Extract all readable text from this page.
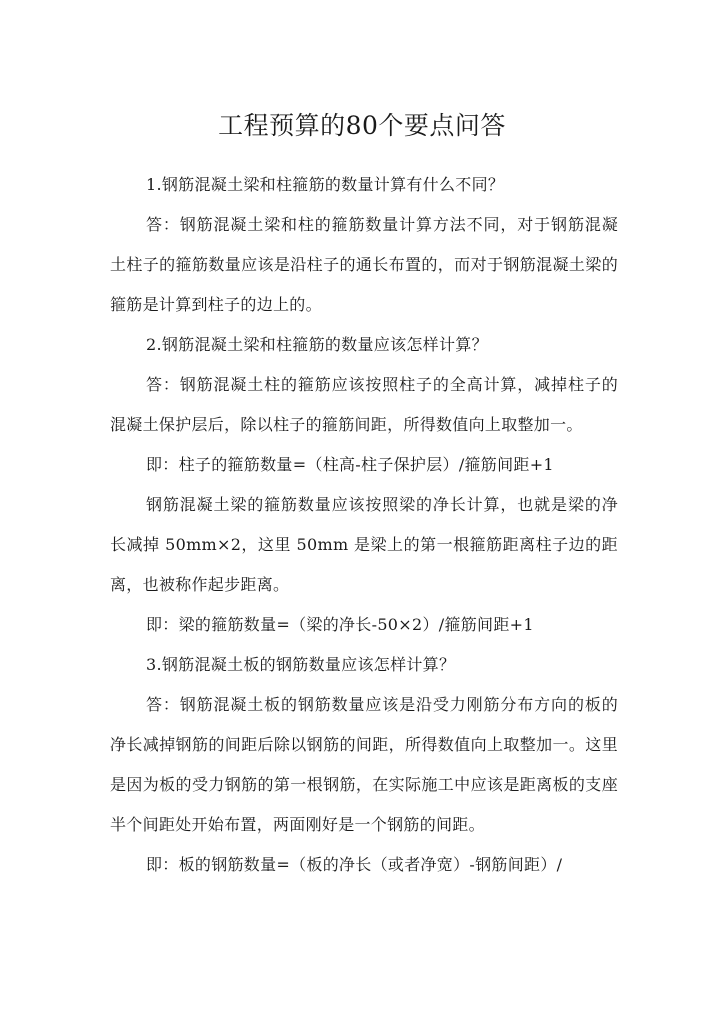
工程预算的80个要点问答

1.钢筋混凝土梁和柱箍筋的数量计算有什么不同？

答：钢筋混凝土梁和柱的箍筋数量计算方法不同，对于钢筋混凝土柱子的箍筋数量应该是沿柱子的通长布置的，而对于钢筋混凝土梁的箍筋是计算到柱子的边上的。

2.钢筋混凝土梁和柱箍筋的数量应该怎样计算？

答：钢筋混凝土柱的箍筋应该按照柱子的全高计算，减掉柱子的混凝土保护层后，除以柱子的箍筋间距，所得数值向上取整加一。

即：柱子的箍筋数量=（柱高-柱子保护层）/箍筋间距+1

钢筋混凝土梁的箍筋数量应该按照梁的净长计算，也就是梁的净长减掉 50mm×2，这里 50mm 是梁上的第一根箍筋距离柱子边的距离，也被称作起步距离。

即：梁的箍筋数量=（梁的净长-50×2）/箍筋间距+1

3.钢筋混凝土板的钢筋数量应该怎样计算？

答：钢筋混凝土板的钢筋数量应该是沿受力刚筋分布方向的板的净长减掉钢筋的间距后除以钢筋的间距，所得数值向上取整加一。这里是因为板的受力钢筋的第一根钢筋，在实际施工中应该是距离板的支座半个间距处开始布置，两面刚好是一个钢筋的间距。

即：板的钢筋数量=（板的净长（或者净宽）-钢筋间距）/
